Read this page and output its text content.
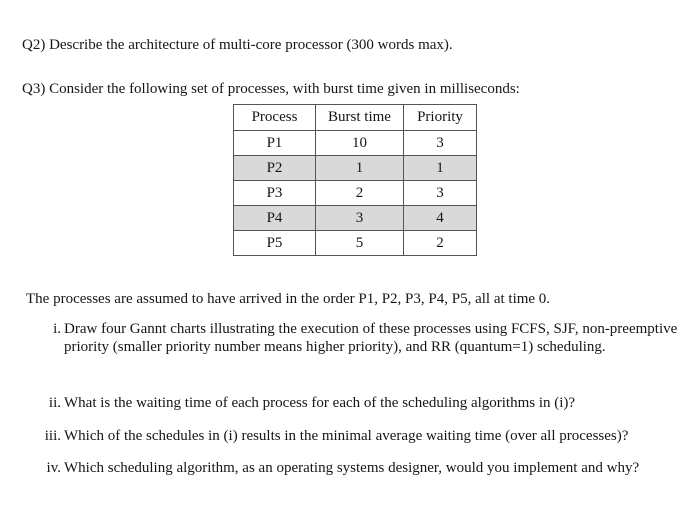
Q2) Describe the architecture of multi-core processor (300 words max).
Q3) Consider the following set of processes, with burst time given in milliseconds:
Process	Burst time	Priority
P1	10	3
P2	1	1
P3	2	3
P4	3	4
P5	5	2
The processes are assumed to have arrived in the order P1, P2, P3, P4, P5, all at time 0.
i. Draw four Gannt charts illustrating the execution of these processes using FCFS, SJF, non-preemptive priority (smaller priority number means higher priority), and RR (quantum=1) scheduling.
ii. What is the waiting time of each process for each of the scheduling algorithms in (i)?
iii. Which of the schedules in (i) results in the minimal average waiting time (over all processes)?
iv. Which scheduling algorithm, as an operating systems designer, would you implement and why?
